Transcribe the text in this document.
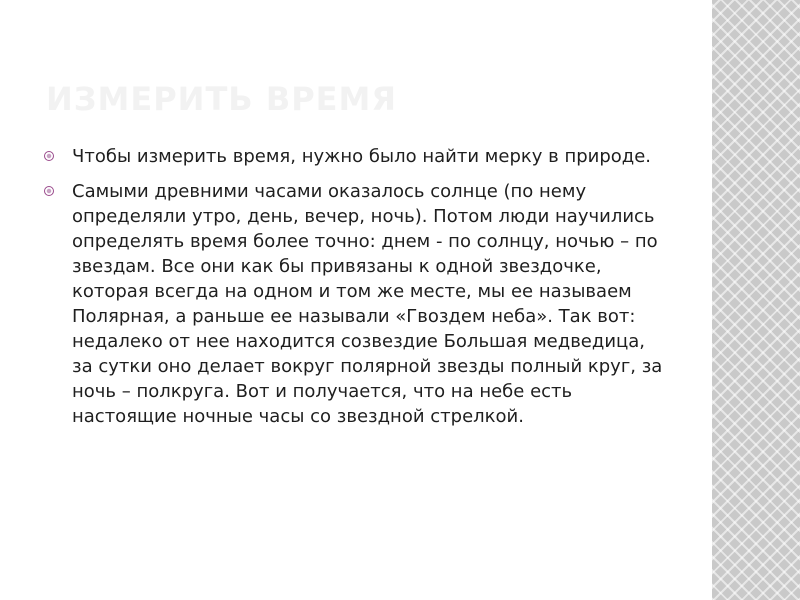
ИЗМЕРИТЬ ВРЕМЯ
Чтобы измерить время, нужно было найти мерку в природе.
Самыми древними часами оказалось солнце (по нему определяли утро, день, вечер, ночь). Потом люди научились определять время более точно: днем - по солнцу, ночью – по звездам. Все они как бы привязаны к одной звездочке, которая всегда на одном и том же месте, мы ее называем Полярная, а раньше ее называли «Гвоздем неба». Так вот: недалеко от нее находится созвездие Большая медведица, за сутки оно делает вокруг полярной звезды полный круг, за ночь – полкруга. Вот и получается, что на небе есть настоящие ночные часы со звездной стрелкой.
